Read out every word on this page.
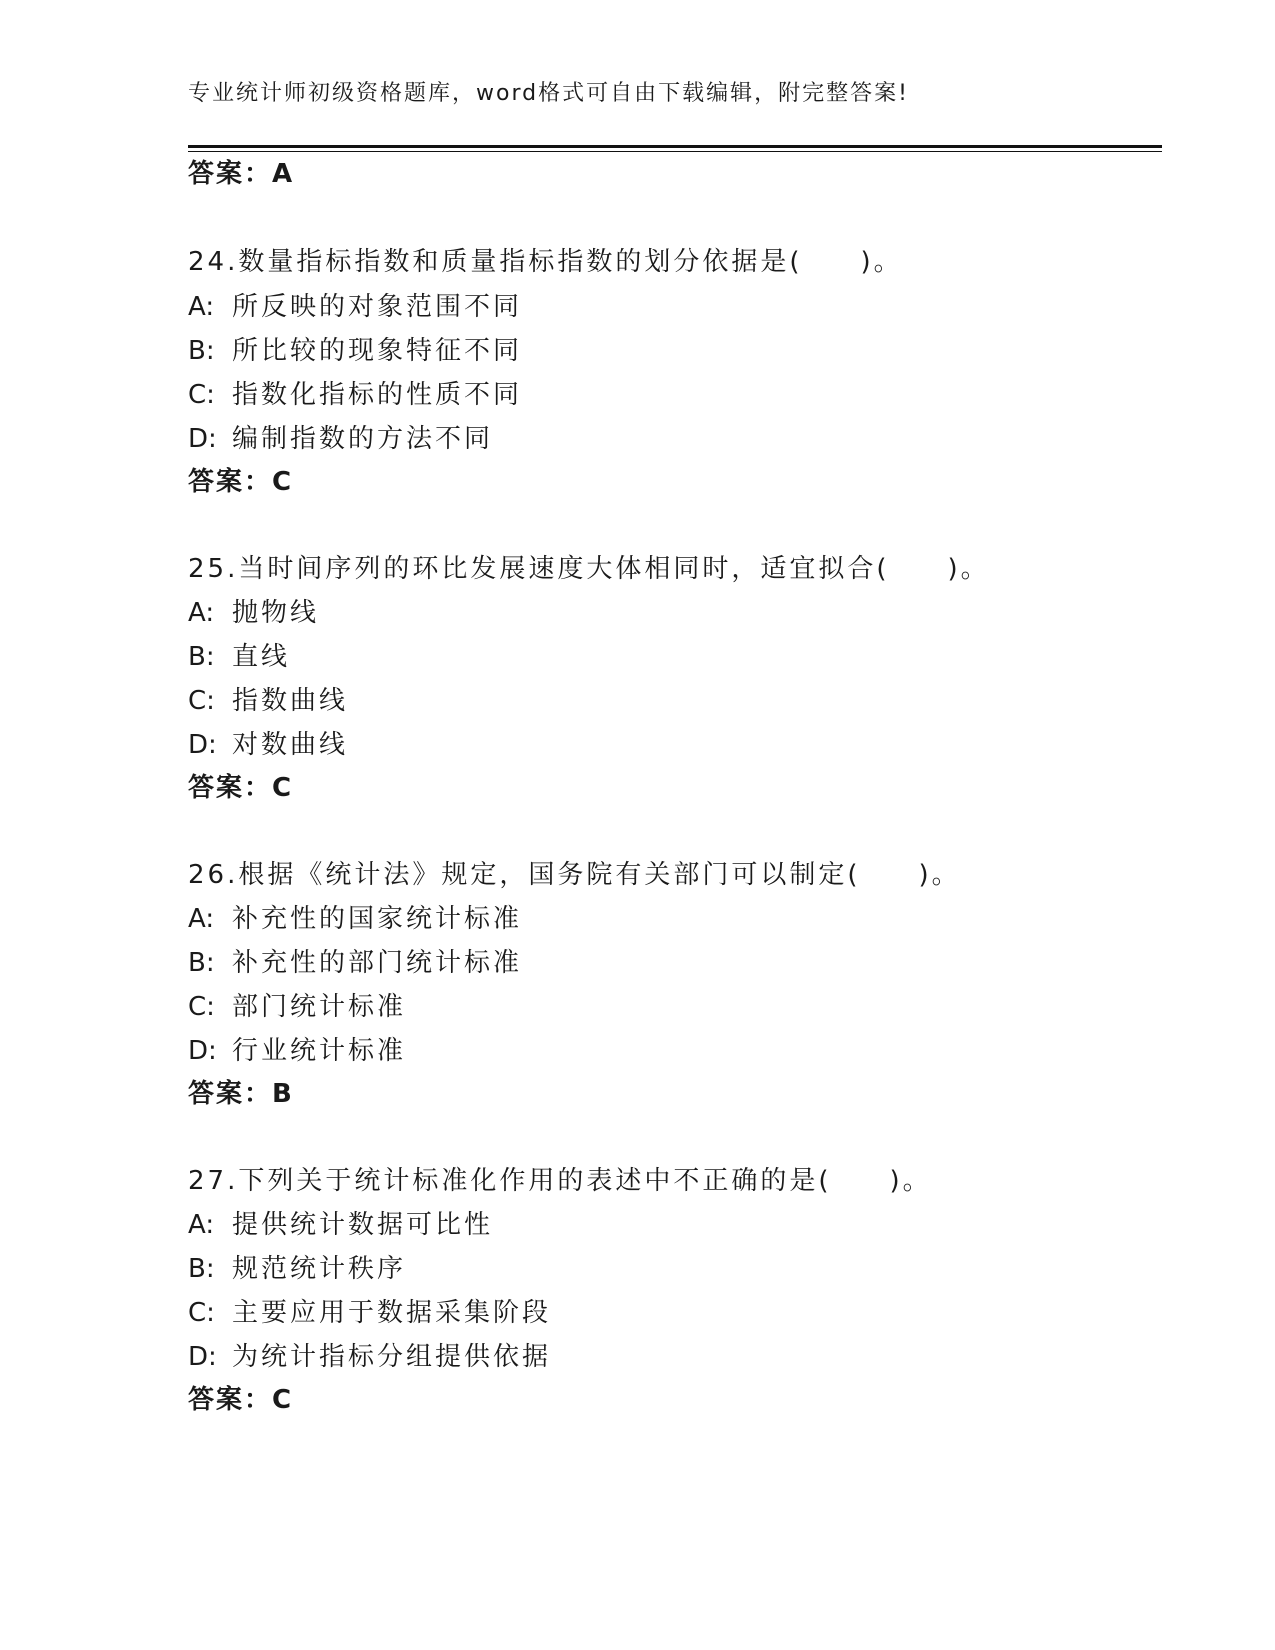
专业统计师初级资格题库，word格式可自由下载编辑，附完整答案!
答案：A
24.数量指标指数和质量指标指数的划分依据是(　　)。
A: 所反映的对象范围不同
B: 所比较的现象特征不同
C: 指数化指标的性质不同
D: 编制指数的方法不同
答案：C
25.当时间序列的环比发展速度大体相同时，适宜拟合(　　)。
A: 抛物线
B: 直线
C: 指数曲线
D: 对数曲线
答案：C
26.根据《统计法》规定，国务院有关部门可以制定(　　)。
A: 补充性的国家统计标准
B: 补充性的部门统计标准
C: 部门统计标准
D: 行业统计标准
答案：B
27.下列关于统计标准化作用的表述中不正确的是(　　)。
A: 提供统计数据可比性
B: 规范统计秩序
C: 主要应用于数据采集阶段
D: 为统计指标分组提供依据
答案：C
